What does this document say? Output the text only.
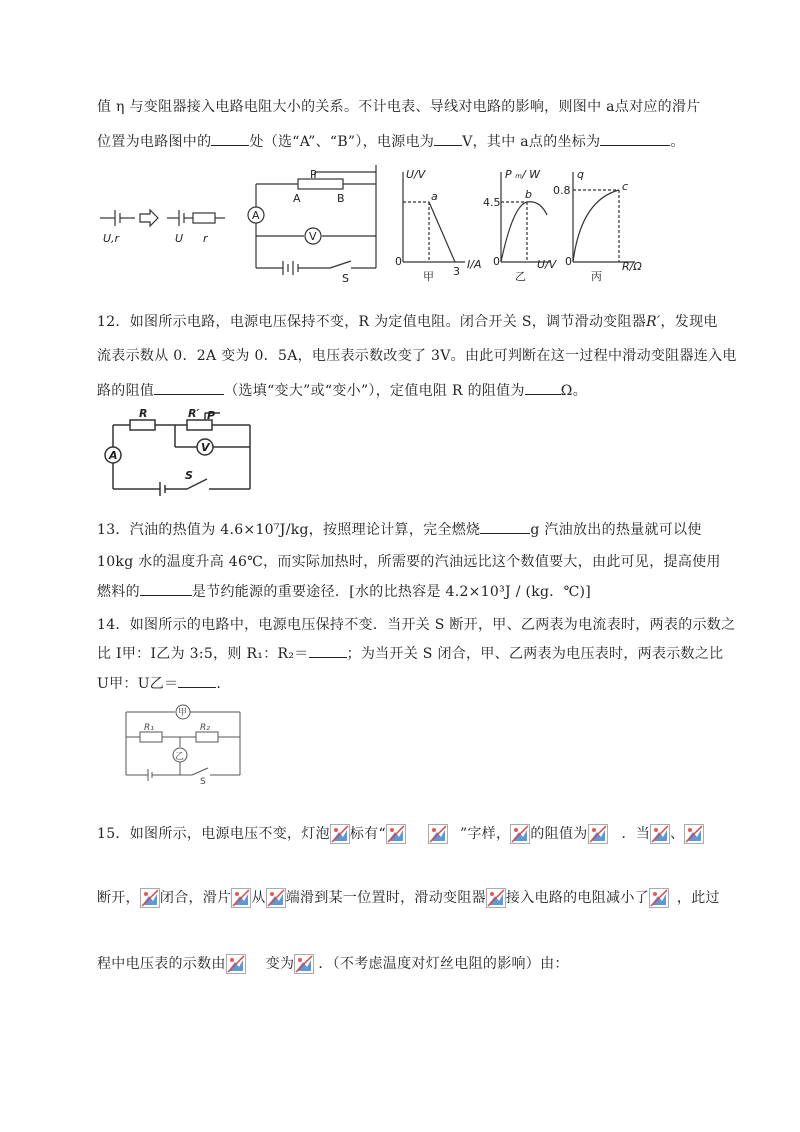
值 η 与变阻器接入电路电阻大小的关系。不计电表、导线对电路的影响，则图中 a点对应的滑片
位置为电路图中的	处（选“A”、“B”），电源电为 V，其中 a点的坐标为	。
U,r	U r
P
A	B
A
V
S
U/V
I/A
0
a
3
甲
P ₘ/ W
U/V
0
b
4.5
乙
q
R/Ω
0
c
0.8
丙
12．如图所示电路，电源电压保持不变，R 为定值电阻。闭合开关 S，调节滑动变阻器R′，发现电
流表示数从 0．2A 变为 0．5A，电压表示数改变了 3V。由此可判断在这一过程中滑动变阻器连入电
路的阻值	（选填“变大”或“变小”），定值电阻 R 的阻值为	Ω。
R	R′ P
A
V
S
13．汽油的热值为 4.6×10⁷J/kg，按照理论计算，完全燃烧	g 汽油放出的热量就可以使
10kg 水的温度升高 46℃，而实际加热时，所需要的汽油远比这个数值要大，由此可见，提高使用
燃料的	是节约能源的重要途径．[水的比热容是 4.2×10³J / (kg．℃)]
14．如图所示的电路中，电源电压保持不变．当开关 S 断开，甲、乙两表为电流表时，两表的示数之
比 I甲：I乙为 3:5，则 R₁：R₂＝	；为当开关 S 闭合，甲、乙两表为电压表时，两表示数之比
U甲：U乙＝	.
甲
乙
R₁	R₂
S
15．如图所示，电源电压不变，灯泡 标有“	”字样， 的阻值为 ．当 、
断开， 闭合，滑片 从 端滑到某一位置时，滑动变阻器 接入电路的电阻减小了 ，此过
程中电压表的示数由	变为 ．（不考虑温度对灯丝电阻的影响）由：
